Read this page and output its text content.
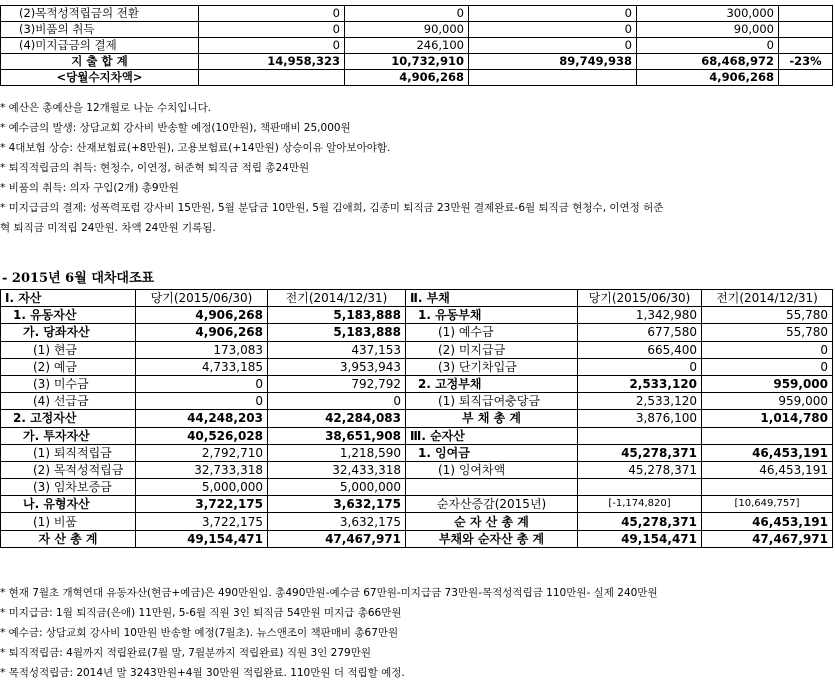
(2)목적성적립금의 전환	0	0	0	300,000	
(3)비품의 취득	0	90,000	0	90,000	
(4)미지급금의 결제	0	246,100	0	0	
지 출 합 계	14,958,323	10,732,910	89,749,938	68,468,972	-23%
<당월수지차액>		4,906,268		4,906,268	
* 예산은 총예산을 12개월로 나눈 수치입니다.
* 예수금의 발생: 상담교회 강사비 반송할 예정(10만원), 책판매비 25,000원
* 4대보험 상승: 산재보험료(+8만원), 고용보험료(+14만원) 상승이유 알아보아야함.
* 퇴직적립금의 취득: 현청수, 이연정, 허준혁 퇴직금 적립 총24만원
* 비품의 취득: 의자 구입(2개) 총9만원
* 미지급금의 결제: 성폭력포럼 강사비 15만원, 5월 분담금 10만원, 5월 김애희, 김종미 퇴직금 23만원 결제완료-6월 퇴직금 현청수, 이연정 허준
혁 퇴직금 미적립 24만원. 차액 24만원 기록됨.
- 2015년 6월 대차대조표
Ⅰ. 자산	당기(2015/06/30)	전기(2014/12/31)	Ⅱ. 부채	당기(2015/06/30)	전기(2014/12/31)
1. 유동자산	4,906,268	5,183,888	1. 유동부채	1,342,980	55,780
가. 당좌자산	4,906,268	5,183,888	(1) 예수금	677,580	55,780
(1) 현금	173,083	437,153	(2) 미지급금	665,400	0
(2) 예금	4,733,185	3,953,943	(3) 단기차입금	0	0
(3) 미수금	0	792,792	2. 고정부채	2,533,120	959,000
(4) 선급금	0	0	(1) 퇴직급여충당금	2,533,120	959,000
2. 고정자산	44,248,203	42,284,083	부 채 총 계	3,876,100	1,014,780
가. 투자자산	40,526,028	38,651,908	Ⅲ. 순자산		
(1) 퇴직적립금	2,792,710	1,218,590	1. 잉여금	45,278,371	46,453,191
(2) 목적성적립금	32,733,318	32,433,318	(1) 잉여차액	45,278,371	46,453,191
(3) 임차보증금	5,000,000	5,000,000			
나. 유형자산	3,722,175	3,632,175	순자산증감(2015년)	[-1,174,820]	[10,649,757]
(1) 비품	3,722,175	3,632,175	순 자 산 총 계	45,278,371	46,453,191
자 산 총 계	49,154,471	47,467,971	부채와 순자산 총 계	49,154,471	47,467,971
* 현재 7월초 개혁연대 유동자산(현금+예금)은 490만원임. 총490만원-예수금 67만원-미지급금 73만원-목적성적립금 110만원- 실제 240만원
* 미지급금: 1월 퇴직금(은애) 11만원, 5-6월 직원 3인 퇴직금 54만원 미지급 총66만원
* 예수금: 상담교회 강사비 10만원 반송할 예정(7월초). 뉴스앤조이 책판매비 총67만원
* 퇴직적립금: 4월까지 적립완료(7월 말, 7월분까지 적립완료) 직원 3인 279만원
* 목적성적립금: 2014년 말 3243만원+4월 30만원 적립완료. 110만원 더 적립할 예정.
